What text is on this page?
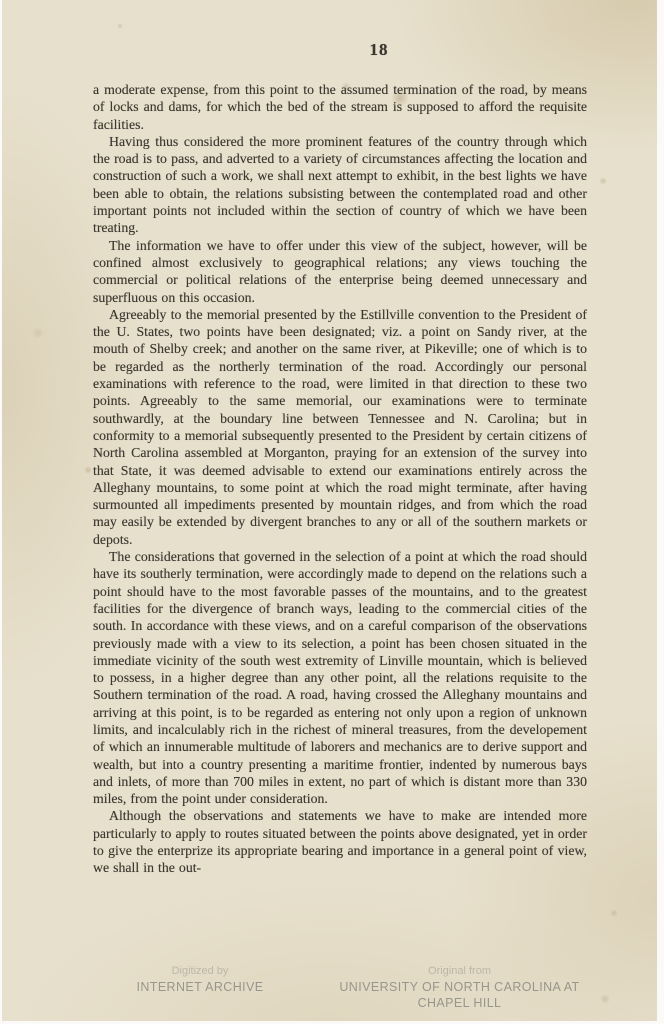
18

a moderate expense, from this point to the assumed termination of the road, by means of locks and dams, for which the bed of the stream is supposed to afford the requisite facilities.

Having thus considered the more prominent features of the country through which the road is to pass, and adverted to a variety of circumstances affecting the location and construction of such a work, we shall next attempt to exhibit, in the best lights we have been able to obtain, the relations subsisting between the contemplated road and other important points not included within the section of country of which we have been treating.

The information we have to offer under this view of the subject, however, will be confined almost exclusively to geographical relations; any views touching the commercial or political relations of the enterprise being deemed unnecessary and superfluous on this occasion.

Agreeably to the memorial presented by the Estillville convention to the President of the U. States, two points have been designated; viz. a point on Sandy river, at the mouth of Shelby creek; and another on the same river, at Pikeville; one of which is to be regarded as the northerly termination of the road. Accordingly our personal examinations with reference to the road, were limited in that direction to these two points. Agreeably to the same memorial, our examinations were to terminate southwardly, at the boundary line between Tennessee and N. Carolina; but in conformity to a memorial subsequently presented to the President by certain citizens of North Carolina assembled at Morganton, praying for an extension of the survey into that State, it was deemed advisable to extend our examinations entirely across the Alleghany mountains, to some point at which the road might terminate, after having surmounted all impediments presented by mountain ridges, and from which the road may easily be extended by divergent branches to any or all of the southern markets or depots.

The considerations that governed in the selection of a point at which the road should have its southerly termination, were accordingly made to depend on the relations such a point should have to the most favorable passes of the mountains, and to the greatest facilities for the divergence of branch ways, leading to the commercial cities of the south. In accordance with these views, and on a careful comparison of the observations previously made with a view to its selection, a point has been chosen situated in the immediate vicinity of the south west extremity of Linville mountain, which is believed to possess, in a higher degree than any other point, all the relations requisite to the Southern termination of the road. A road, having crossed the Alleghany mountains and arriving at this point, is to be regarded as entering not only upon a region of unknown limits, and incalculably rich in the richest of mineral treasures, from the developement of which an innumerable multitude of laborers and mechanics are to derive support and wealth, but into a country presenting a maritime frontier, indented by numerous bays and inlets, of more than 700 miles in extent, no part of which is distant more than 330 miles, from the point under consideration.

Although the observations and statements we have to make are intended more particularly to apply to routes situated between the points above designated, yet in order to give the enterprize its appropriate bearing and importance in a general point of view, we shall in the out-

Digitized by
INTERNET ARCHIVE
Original from
UNIVERSITY OF NORTH CAROLINA AT
CHAPEL HILL
